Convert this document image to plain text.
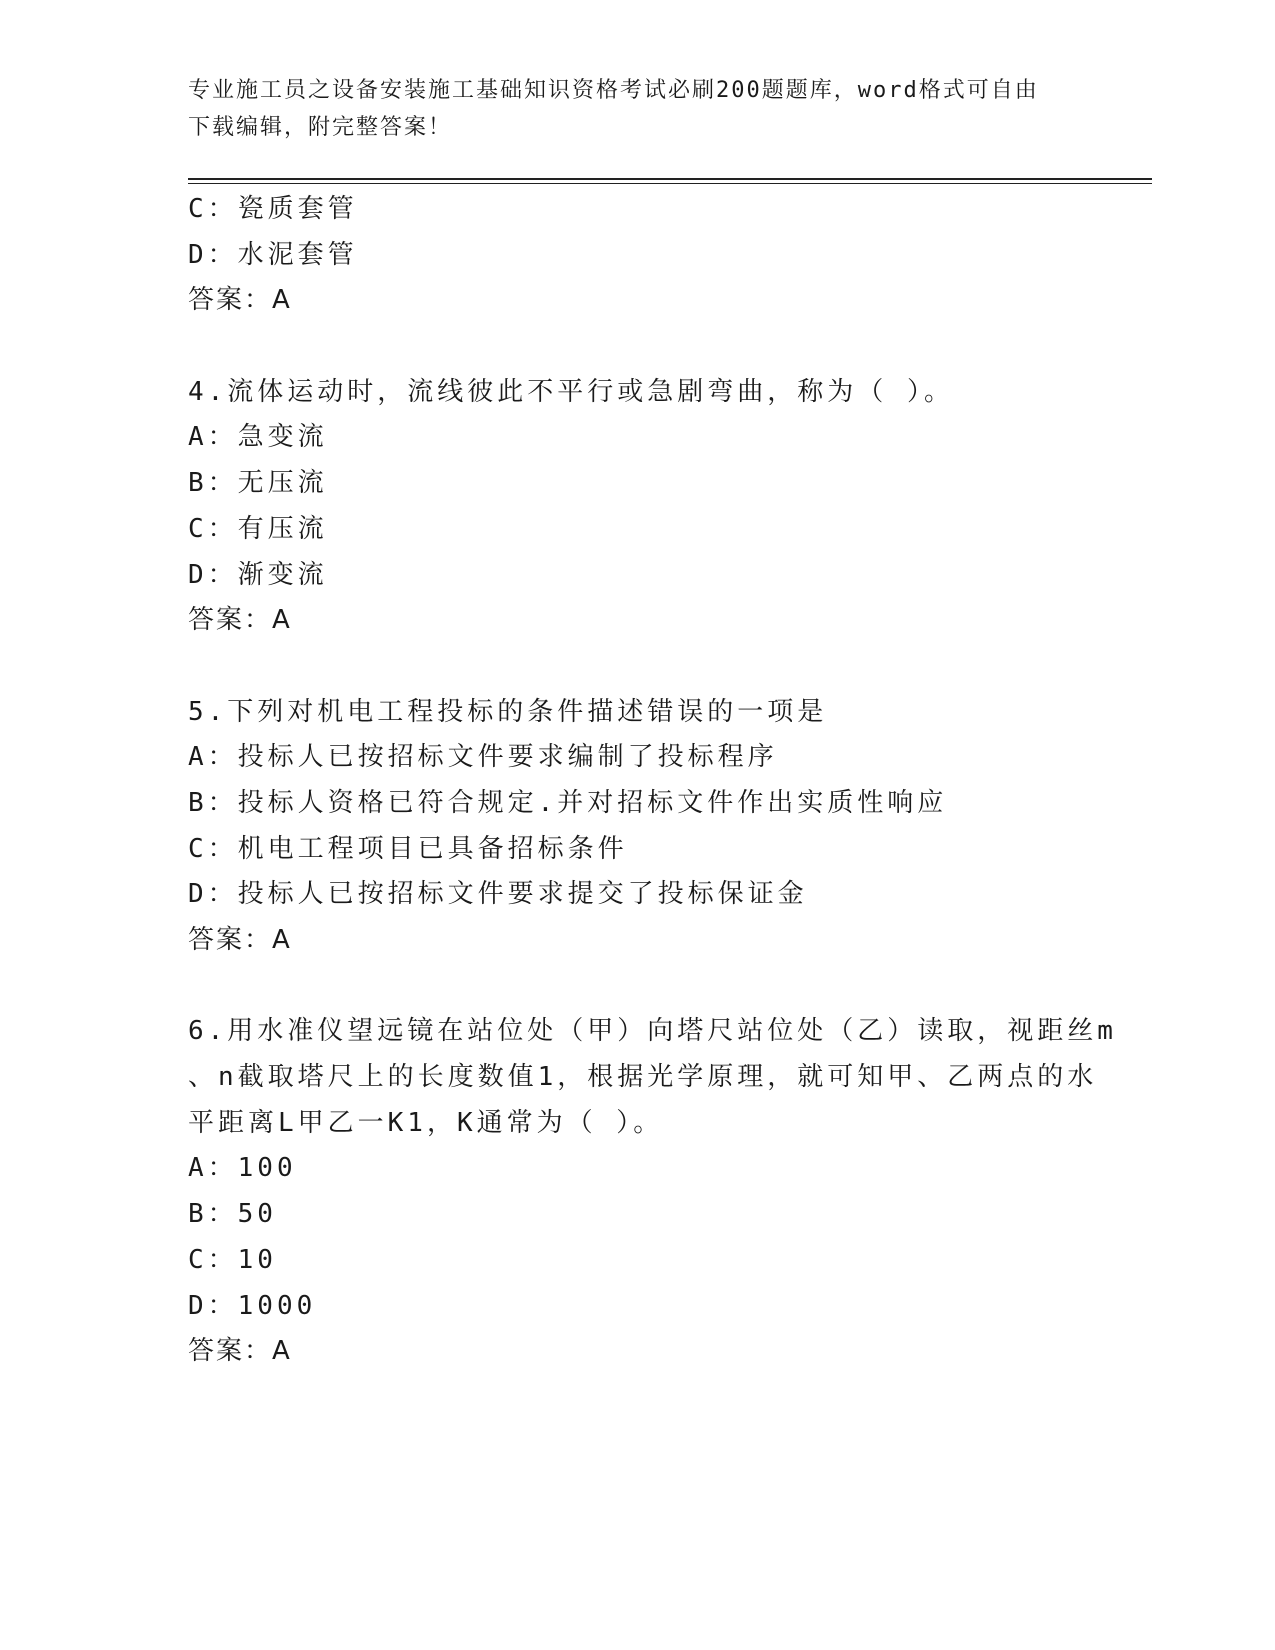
专业施工员之设备安装施工基础知识资格考试必刷200题题库，word格式可自由
下载编辑，附完整答案！
C：瓷质套管
D：水泥套管
答案：A
4.流体运动时，流线彼此不平行或急剧弯曲，称为（ ）。
A：急变流
B：无压流
C：有压流
D：渐变流
答案：A
5.下列对机电工程投标的条件描述错误的一项是
A：投标人已按招标文件要求编制了投标程序
B：投标人资格已符合规定.并对招标文件作出实质性响应
C：机电工程项目已具备招标条件
D：投标人已按招标文件要求提交了投标保证金
答案：A
6.用水准仪望远镜在站位处（甲）向塔尺站位处（乙）读取，视距丝m
、n截取塔尺上的长度数值1，根据光学原理，就可知甲、乙两点的水
平距离L甲乙一K1，K通常为（ ）。
A：100
B：50
C：10
D：1000
答案：A
